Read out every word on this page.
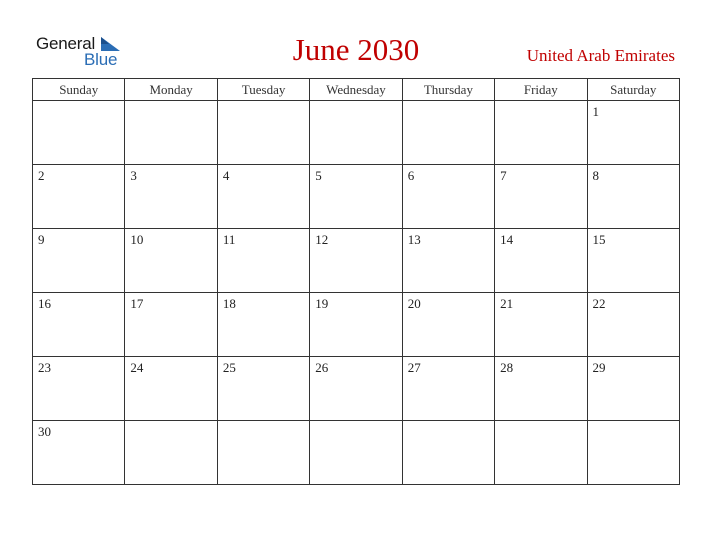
General
Blue	June 2030	United Arab Emirates
Sunday	Monday	Tuesday	Wednesday	Thursday	Friday	Saturday

						1

2	3	4	5	6	7	8

9	10	11	12	13	14	15

16	17	18	19	20	21	22

23	24	25	26	27	28	29

30						
